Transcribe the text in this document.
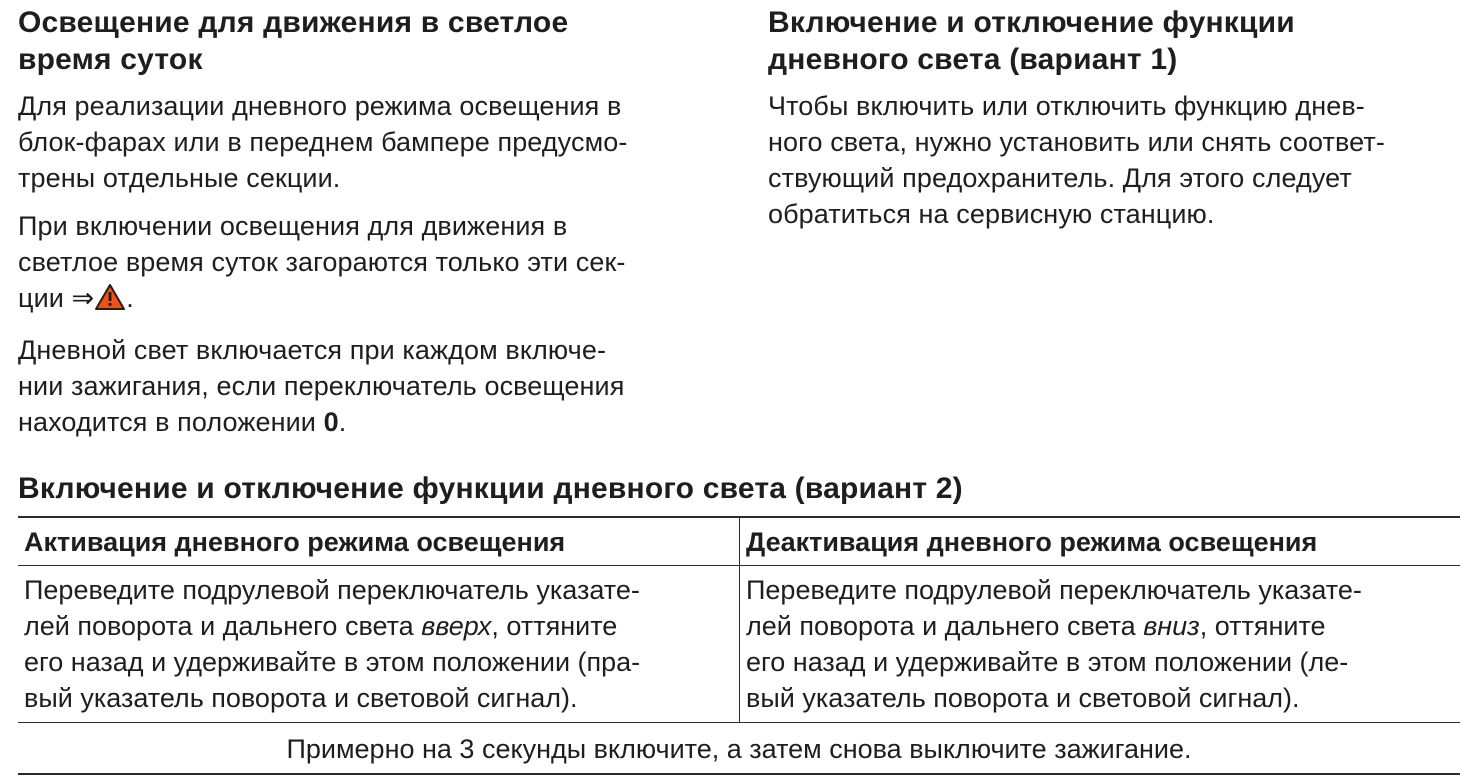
Освещение для движения в светлое
время суток

Для реализации дневного режима освещения в
блок-фарах или в переднем бампере предусмо-
трены отдельные секции.

При включении освещения для движения в
светлое время суток загораются только эти сек-
ции ⇒ .

Дневной свет включается при каждом включе-
нии зажигания, если переключатель освещения
находится в положении 0.

Включение и отключение функции
дневного света (вариант 1)

Чтобы включить или отключить функцию днев-
ного света, нужно установить или снять соответ-
ствующий предохранитель. Для этого следует
обратиться на сервисную станцию.

Включение и отключение функции дневного света (вариант 2)
Активация дневного режима освещения	Деактивация дневного режима освещения
Переведите подрулевой переключатель указате-
лей поворота и дальнего света вверх, оттяните
его назад и удерживайте в этом положении (пра-
вый указатель поворота и световой сигнал).
Переведите подрулевой переключатель указате-
лей поворота и дальнего света вниз, оттяните
его назад и удерживайте в этом положении (ле-
вый указатель поворота и световой сигнал).
Примерно на 3 секунды включите, а затем снова выключите зажигание.
